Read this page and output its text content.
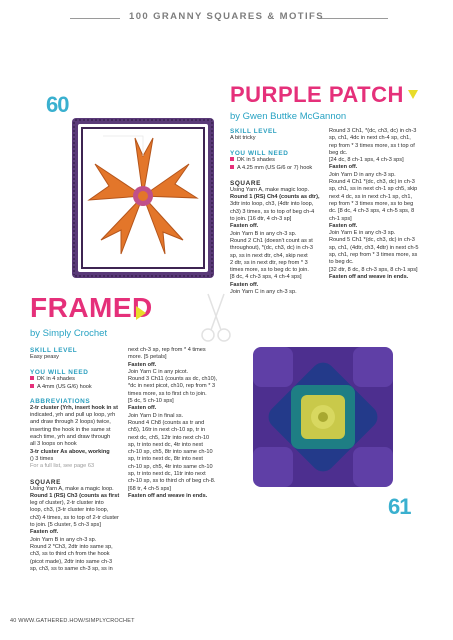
100 GRANNY SQUARES & MOTIFS
60
FRAMED
by Simply Crochet
SKILL LEVEL
Easy peasy
YOU WILL NEED
DK in 4 shades
A 4mm (US G/6) hook
ABBREVIATIONS

2-tr cluster (Yrh, insert hook in st

indicated, yrh and pull up loop, yrh

and draw through 2 loops) twice,

inserting the hook in the same st

each time, yrh and draw through

all 3 loops on hook

3-tr cluster As above, working

() 3 times

For a full list, see page 63

SQUARE

Using Yarn A, make a magic loop.

Round 1 (RS) Ch3 (counts as first

leg of cluster), 2-tr cluster into

loop, ch3, (3-tr cluster into loop,

ch3) 4 times, ss to top of 2-tr cluster

to join. [5 cluster, 5 ch-3 sps]

Fasten off.

Join Yarn B in any ch-3 sp.

Round 2 *Ch3, 2dtr into same sp,

ch3, ss to third ch from the hook

(picot made), 2dtr into same ch-3

sp, ch3, ss to same ch-3 sp, ss in

next ch-3 sp, rep from * 4 times

more. [5 petals]

Fasten off.

Join Yarn C in any picot.

Round 3 Ch11 (counts as dc, ch10),

*dc in next picot, ch10, rep from * 3

times more, ss to first ch to join.

[5 dc, 5 ch-10 sps]

Fasten off.

Join Yarn D in final ss.

Round 4 Ch8 (counts as tr and

ch5), 16tr in next ch-10 sp, tr in

next dc, ch5, 12tr into next ch-10

sp, tr into next dc, 4tr into next

ch-10 sp, ch5, 8tr into same ch-10

sp, tr into next dc, 8tr into next

ch-10 sp, ch5, 4tr into same ch-10

sp, tr into next dc, 11tr into next

ch-10 sp, ss to third ch of beg ch-8.

[68 tr, 4 ch-5 sps]

Fasten off and weave in ends.

PURPLE PATCH
by Gwen Buttke McGannon
SKILL LEVEL
A bit tricky
YOU WILL NEED
DK in 5 shades
A 4.25 mm (US G/6 or 7) hook
SQUARE

Using Yarn A, make magic loop.

Round 1 (RS) Ch4 (counts as dtr),

3dtr into loop, ch3, (4dtr into loop,

ch3) 3 times, ss to top of beg ch-4

to join. [16 dtr, 4 ch-3 sp]

Fasten off.

Join Yarn B in any ch-3 sp.

Round 2 Ch1 (doesn't count as st

throughout), *(dc, ch3, dc) in ch-3

sp, ss in next dtr, ch4, skip next

2 dtr, ss in next dtr, rep from * 3

times more, ss to beg dc to join.

[8 dc, 4 ch-3 sps, 4 ch-4 sps]

Fasten off.

Join Yarn C in any ch-3 sp.

Round 3 Ch1, *(dc, ch3, dc) in ch-3

sp, ch1, 4dc in next ch-4 sp, ch1,

rep from * 3 times more, ss t top of

beg dc.

[24 dc, 8 ch-1 sps, 4 ch-3 sps]

Fasten off.

Join Yarn D in any ch-3 sp.

Round 4 Ch1 *(dc, ch3, dc) in ch-3

sp, ch1, ss in next ch-1 sp ch5, skip

next 4 dc, ss in next ch-1 sp, ch1,

rep from * 3 times more, ss to beg

dc. [8 dc, 4 ch-3 sps, 4 ch-5 sps, 8

ch-1 sps]

Fasten off.

Join Yarn E in any ch-3 sp.

Round 5 Ch1 *(dc, ch3, dc) in ch-3

sp, ch1, (4dtr, ch3, 4dtr) in next ch-5

sp, ch1, rep from * 3 times more, ss

to beg dc.

[32 dtr, 8 dc, 8 ch-3 sps, 8 ch-1 sps]

Fasten off and weave in ends.

61
40 WWW.GATHERED.HOW/SIMPLYCROCHET
